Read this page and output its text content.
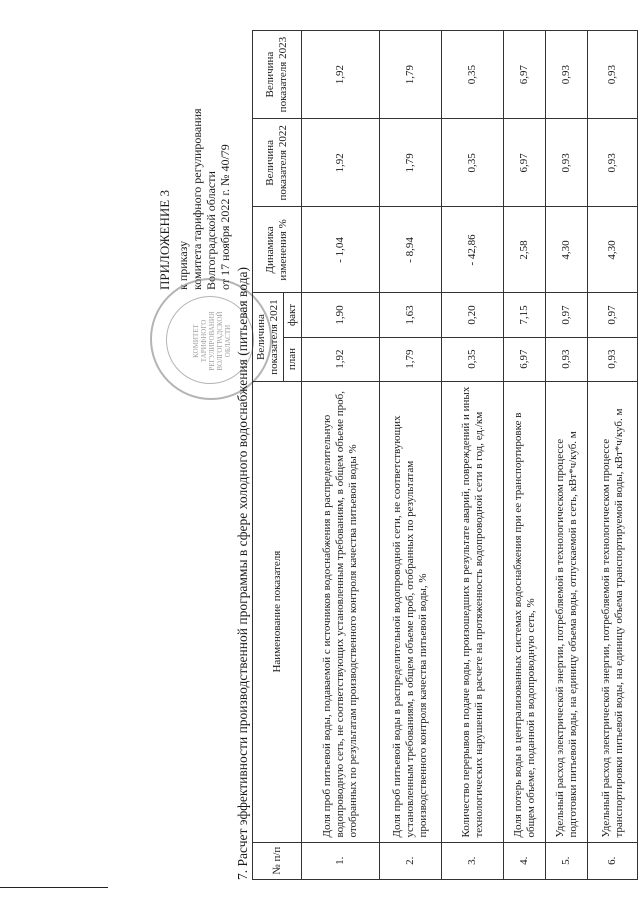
ПРИЛОЖЕНИЕ 3 к приказу комитета тарифного регулирования Волгоградской области от 17 ноября 2022 г. № 40/79
КОМИТЕТ ТАРИФНОГО РЕГУЛИРОВАНИЯ ВОЛГОГРАДСКОЙ ОБЛАСТИ 7. Расчет эффективности производственной программы в сфере холодного водоснабжения (питьевая вода) № п/п	Наименование показателя	Величина показателя 2021		Динамика изменения %	Величина показателя 2022	Величина показателя 2023
		план	факт			
1.	Доля проб питьевой воды, подаваемой с источников водоснабжения в распределительную водопроводную сеть, не соответствующих установленным требованиям, в общем объеме проб, отобранных по результатам производственного контроля качества питьевой воды %	1,92	1,90	- 1,04	1,92	1,92
2.	Доля проб питьевой воды в распределительной водопроводной сети, не соответствующих установленным требованиям, в общем объеме проб, отобранных по результатам производственного контроля качества питьевой воды, %	1,79	1,63	- 8,94	1,79	1,79
3.	Количество перерывов в подаче воды, произошедших в результате аварий, повреждений и иных технологических нарушений в расчете на протяженность водопроводной сети в год, ед./км	0,35	0,20	- 42,86	0,35	0,35
4.	Доля потерь воды в централизованных системах водоснабжения при ее транспортировке в общем объеме, поданной в водопроводную сеть, %	6,97	7,15	2,58	6,97	6,97
5.	Удельный расход электрической энергии, потребляемой в технологическом процессе подготовки питьевой воды, на единицу объема воды, отпускаемой в сеть, кВт*ч/куб. м	0,93	0,97	4,30	0,93	0,93
6.	Удельный расход электрической энергии, потребляемой в технологическом процессе транспортировки питьевой воды, на единицу объема транспортируемой воды, кВт*ч/куб. м	0,93	0,97	4,30	0,93	0,93
